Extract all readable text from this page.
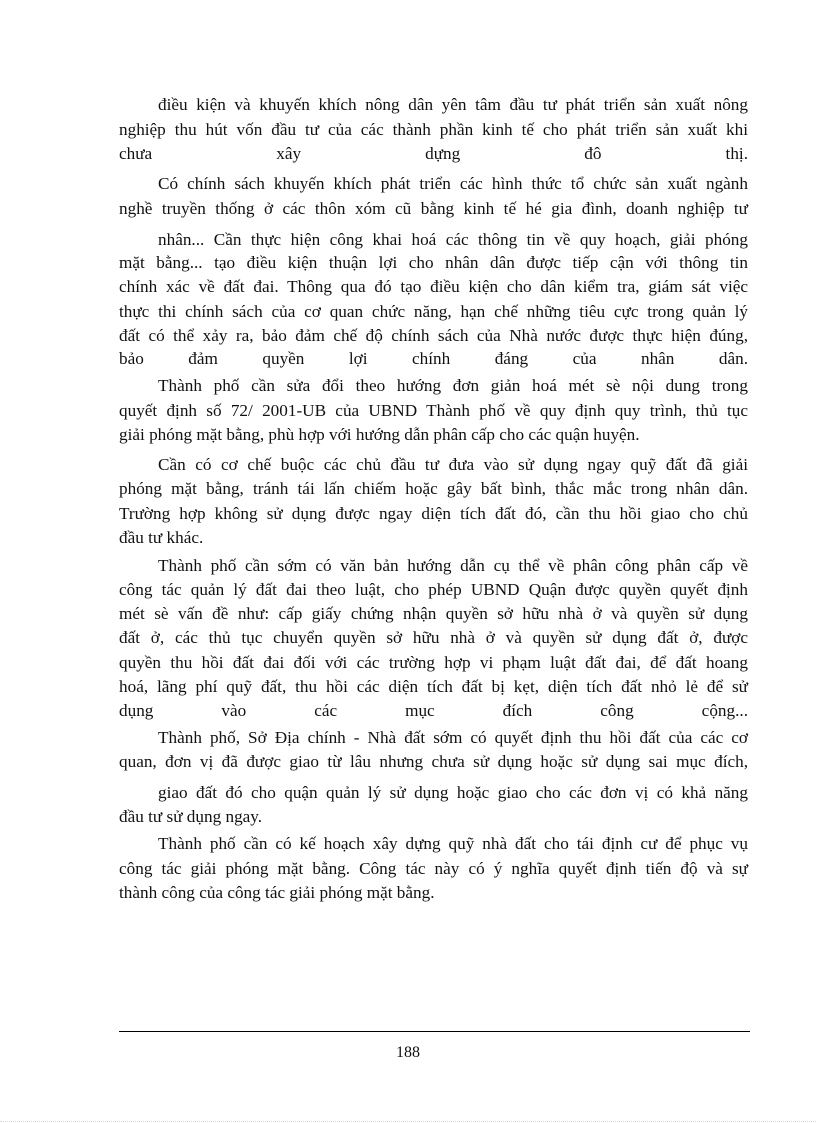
điều kiện và khuyến khích nông dân yên tâm đầu tư phát triển sản xuất nông

nghiệp thu hút vốn đầu tư của các thành phần kinh tế cho phát triển sản xuất khi

chưa xây dựng đô thị.

Có chính sách khuyến khích phát triển các hình thức tổ chức sản xuất ngành

nghề truyền thống ở các thôn xóm cũ bằng kinh tế hé gia đình, doanh nghiệp tư

nhân... Cần thực hiện công khai hoá các thông tin về quy hoạch, giải phóng

mặt bằng... tạo điều kiện thuận lợi cho nhân dân được tiếp cận với thông tin

chính xác về đất đai. Thông qua đó tạo điều kiện cho dân kiểm tra, giám sát việc

thực thi chính sách của cơ quan chức năng, hạn chế những tiêu cực trong quản lý

đất có thể xảy ra, bảo đảm chế độ chính sách của Nhà nước được thực hiện đúng,

bảo đảm quyền lợi chính đáng của nhân dân.

Thành phố cần sửa đổi theo hướng đơn giản hoá mét sè nội dung trong

quyết định số 72/ 2001-UB của UBND Thành phố về quy định quy trình, thủ tục

giải phóng mặt bằng, phù hợp với hướng dẫn phân cấp cho các quận huyện.

Cần có cơ chế buộc các chủ đầu tư đưa vào sử dụng ngay quỹ đất đã giải

phóng mặt bằng, tránh tái lấn chiếm hoặc gây bất bình, thắc mắc trong nhân dân.

Trường hợp không sử dụng được ngay diện tích đất đó, cần thu hồi giao cho chủ

đầu tư khác.

Thành phố cần sớm có văn bản hướng dẫn cụ thể về phân công phân cấp về

công tác quản lý đất đai theo luật, cho phép UBND Quận được quyền quyết định

mét sè vấn đề như: cấp giấy chứng nhận quyền sở hữu nhà ở và quyền sử dụng

đất ở, các thủ tục chuyển quyền sở hữu nhà ở và quyền sử dụng đất ở, được

quyền thu hồi đất đai đối với các trường hợp vi phạm luật đất đai, để đất hoang

hoá, lãng phí quỹ đất, thu hồi các diện tích đất bị kẹt, diện tích đất nhỏ lẻ để sử

dụng vào các mục đích công cộng...

Thành phố, Sở Địa chính - Nhà đất sớm có quyết định thu hồi đất của các cơ

quan, đơn vị đã được giao từ lâu nhưng chưa sử dụng hoặc sử dụng sai mục đích,

giao đất đó cho quận quản lý sử dụng hoặc giao cho các đơn vị có khả năng

đầu tư sử dụng ngay.

Thành phố cần có kế hoạch xây dựng quỹ nhà đất cho tái định cư để phục vụ

công tác giải phóng mặt bằng. Công tác này có ý nghĩa quyết định tiến độ và sự

thành công của công tác giải phóng mặt bằng.

188
